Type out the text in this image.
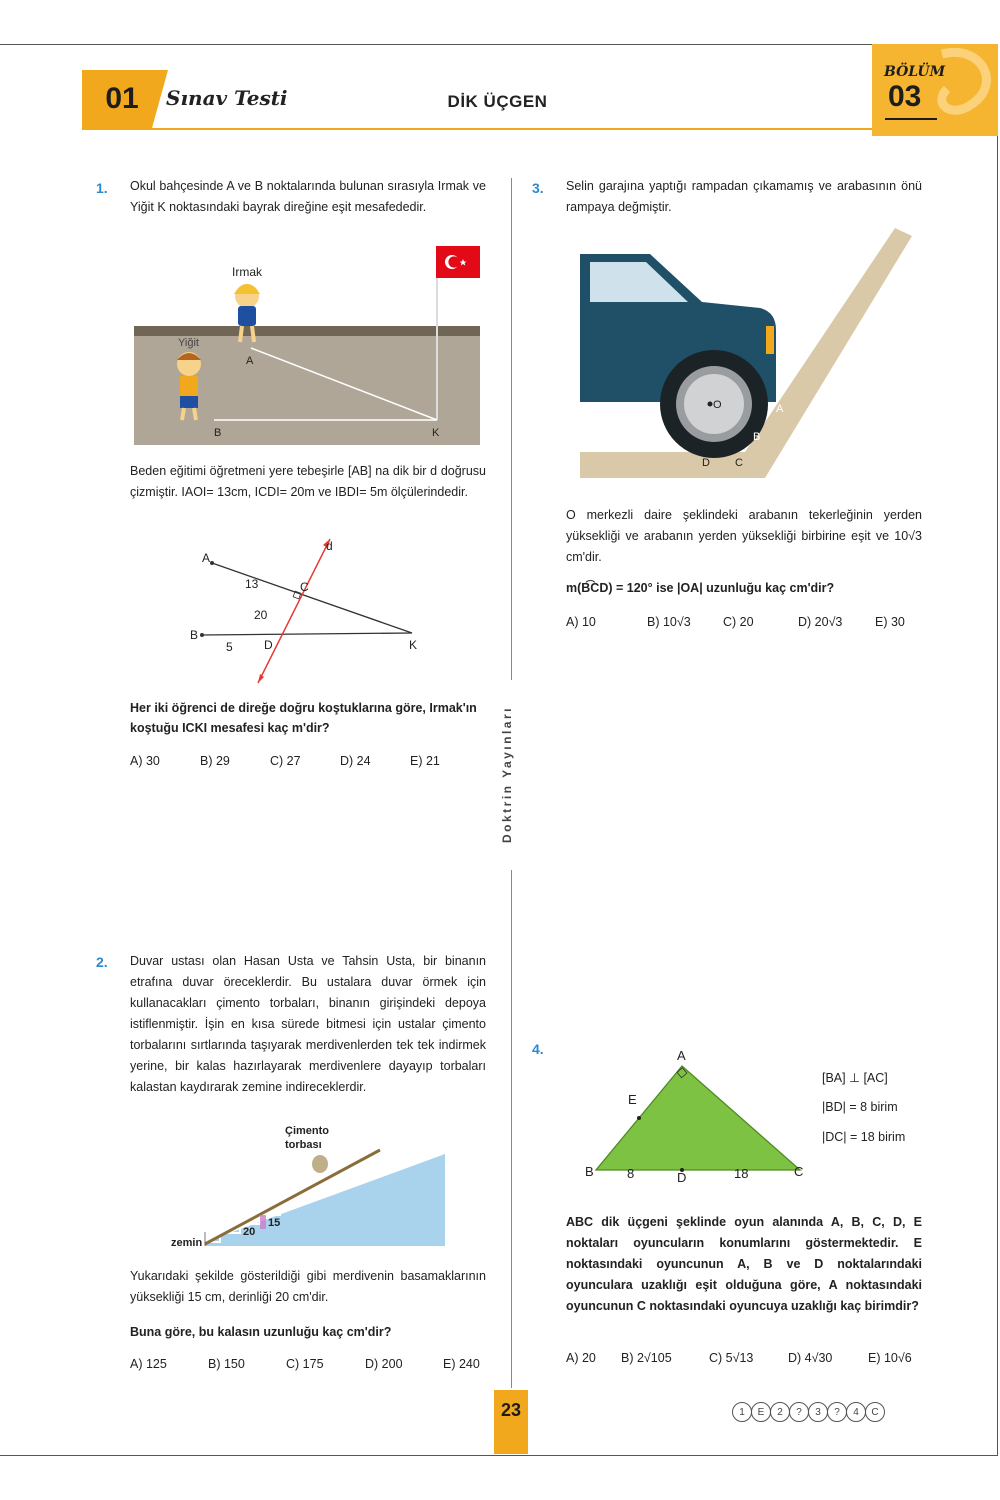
01	Sınav Testi	DİK ÜÇGEN
BÖLÜM
03
Doktrin Yayınları
1. Okul bahçesinde A ve B noktalarında bulunan sırasıyla Irmak ve Yiğit K noktasındaki bayrak direğine eşit mesafededir.
Irmak
Yiğit
A
B	K
Beden eğitimi öğretmeni yere tebeşirle [AB] na dik bir d doğrusu çizmiştir. IAOI= 13cm, ICDI= 20m ve IBDI= 5m ölçülerindedir.
A
B
C
d
D	K
13
20
5
Her iki öğrenci de direğe doğru koştuklarına göre, Irmak'ın koştuğu ICKI mesafesi kaç m'dir?
A) 30	B) 29	C) 27	D) 24	E) 21
2. Duvar ustası olan Hasan Usta ve Tahsin Usta, bir binanın etrafına duvar öreceklerdir. Bu ustalara duvar örmek için kullanacakları çimento torbaları, binanın girişindeki depoya istiflenmiştir. İşin en kısa sürede bitmesi için ustalar çimento torbalarını sırtlarında taşıyarak merdivenlerden tek tek indirmek yerine, bir kalas hazırlayarak merdivenlere dayayıp torbaları kalastan kaydırarak zemine indireceklerdir.
Çimento
torbası
zemin
15
20
Yukarıdaki şekilde gösterildiği gibi merdivenin basamaklarının yüksekliği 15 cm, derinliği 20 cm'dir.
Buna göre, bu kalasın uzunluğu kaç cm'dir?
A) 125	B) 150	C) 175	D) 200	E) 240
3. Selin garajına yaptığı rampadan çıkamamış ve arabasının önü rampaya değmiştir.
O	A
B
C
D
O merkezli daire şeklindeki arabanın tekerleğinin yerden yüksekliği ve arabanın yerden yüksekliği birbirine eşit ve 10√3 cm'dir.
m(B͡CD) = 120° ise |OA| uzunluğu kaç cm'dir?
A) 10	B) 10√3	C) 20	D) 20√3	E) 30
4.	A
B	C
D
E
8	18
[BA] ⊥ [AC]
|BD| = 8 birim
|DC| = 18 birim
ABC dik üçgeni şeklinde oyun alanında A, B, C, D, E noktaları oyuncuların konumlarını göstermektedir. E noktasındaki oyuncunun A, B ve D noktalarındaki oyunculara uzaklığı eşit olduğuna göre, A noktasındaki oyuncunun C noktasındaki oyuncuya uzaklığı kaç birimdir?
A) 20 B) 2√105	C) 5√13	D) 4√30	E) 10√6
23	1	E	2	?	3	?	4	C
